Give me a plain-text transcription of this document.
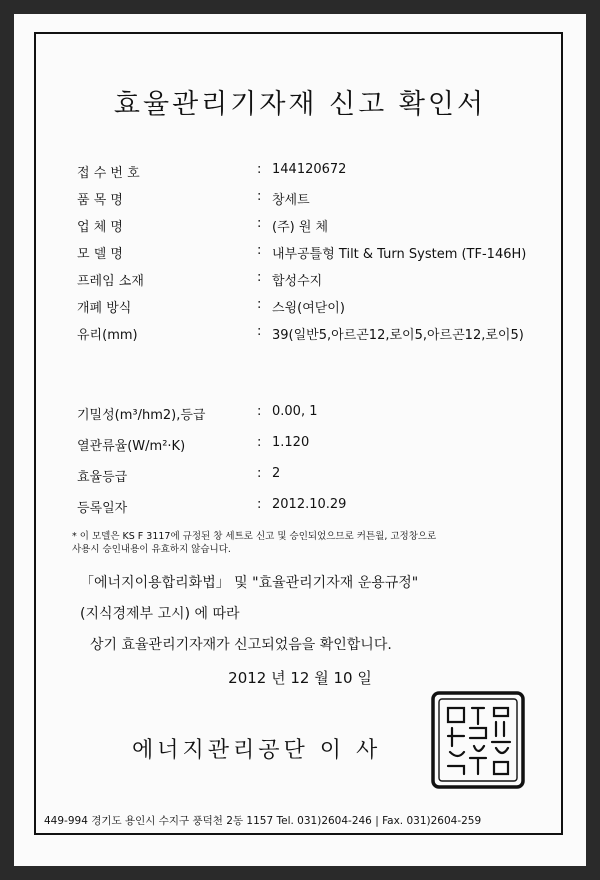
효율관리기자재 신고 확인서
접 수 번 호	: 144120672
품 목 명	: 창세트
업 체 명	: (주) 원 체
모 델 명	: 내부공틀형 Tilt & Turn System (TF-146H)
프레임 소재	: 합성수지
개폐 방식	: 스윙(여닫이)
유리(mm)	: 39(일반5,아르곤12,로이5,아르곤12,로이5)
기밀성(m³/hm2),등급	: 0.00, 1
열관류율(W/m²·K)	: 1.120
효율등급	: 2
등록일자	: 2012.10.29
* 이 모델은 KS F 3117에 규정된 창 세트로 신고 및 승인되었으므로 커튼월, 고정창으로
사용시 승인내용이 유효하지 않습니다.
「에너지이용합리화법」 및 "효율관리기자재 운용규정"
(지식경제부 고시) 에 따라
상기 효율관리기자재가 신고되었음을 확인합니다.
2012 년 12 월 10 일
에너지관리공단 이 사
449-994 경기도 용인시 수지구 풍덕천 2동 1157 Tel. 031)2604-246 | Fax. 031)2604-259
